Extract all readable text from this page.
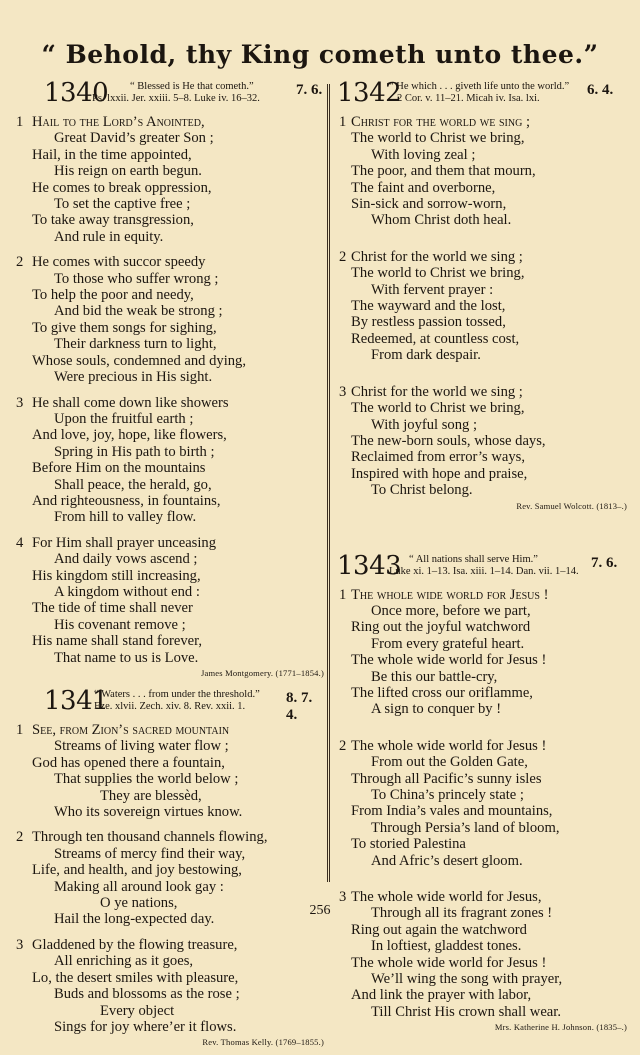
“ Behold, thy King cometh unto thee.”
1340 “ Blessed is He that cometh.”
Ps. lxxii. Jer. xxiii. 5–8. Luke iv. 16–32.
7. 6.
1 Hail to the Lord’s Anointed,
Great David’s greater Son ;
Hail, in the time appointed,
His reign on earth begun.
He comes to break oppression,
To set the captive free ;
To take away transgression,
And rule in equity.
2 He comes with succor speedy
To those who suffer wrong ;
To help the poor and needy,
And bid the weak be strong ;
To give them songs for sighing,
Their darkness turn to light,
Whose souls, condemned and dying,
Were precious in His sight.
3 He shall come down like showers
Upon the fruitful earth ;
And love, joy, hope, like flowers,
Spring in His path to birth ;
Before Him on the mountains
Shall peace, the herald, go,
And righteousness, in fountains,
From hill to valley flow.
4 For Him shall prayer unceasing
And daily vows ascend ;
His kingdom still increasing,
A kingdom without end :
The tide of time shall never
His covenant remove ;
His name shall stand forever,
That name to us is Love.
James Montgomery. (1771–1854.)
1341
“ Waters . . . from under the threshold.”
Eze. xlvii. Zech. xiv. 8. Rev. xxii. 1.
8. 7. 4.
1 See, from Zion’s sacred mountain
Streams of living water flow ;
God has opened there a fountain,
That supplies the world below ;
They are blessèd,
Who its sovereign virtues know.
2 Through ten thousand channels flowing,
Streams of mercy find their way,
Life, and health, and joy bestowing,
Making all around look gay :
O ye nations,
Hail the long-expected day.
3 Gladdened by the flowing treasure,
All enriching as it goes,
Lo, the desert smiles with pleasure,
Buds and blossoms as the rose ;
Every object
Sings for joy where’er it flows.
Rev. Thomas Kelly. (1769–1855.)
1342
“ He which . . . giveth life unto the world.”
2 Cor. v. 11–21. Micah iv. Isa. lxi.
6. 4.
1 Christ for the world we sing ;
The world to Christ we bring,
With loving zeal ;
The poor, and them that mourn,
The faint and overborne,
Sin-sick and sorrow-worn,
Whom Christ doth heal.
2 Christ for the world we sing ;
The world to Christ we bring,
With fervent prayer :
The wayward and the lost,
By restless passion tossed,
Redeemed, at countless cost,
From dark despair.
3 Christ for the world we sing ;
The world to Christ we bring,
With joyful song ;
The new-born souls, whose days,
Reclaimed from error’s ways,
Inspired with hope and praise,
To Christ belong.
Rev. Samuel Wolcott. (1813–.)
1343 “ All nations shall serve Him.”
Luke xi. 1–13. Isa. xiii. 1–14. Dan. vii. 1–14.
7. 6.
1 The whole wide world for Jesus !
Once more, before we part,
Ring out the joyful watchword
From every grateful heart.
The whole wide world for Jesus !
Be this our battle-cry,
The lifted cross our oriflamme,
A sign to conquer by !
2 The whole wide world for Jesus !
From out the Golden Gate,
Through all Pacific’s sunny isles
To China’s princely state ;
From India’s vales and mountains,
Through Persia’s land of bloom,
To storied Palestina
And Afric’s desert gloom.
3 The whole wide world for Jesus,
Through all its fragrant zones !
Ring out again the watchword
In loftiest, gladdest tones.
The whole wide world for Jesus !
We’ll wing the song with prayer,
And link the prayer with labor,
Till Christ His crown shall wear.
Mrs. Katherine H. Johnson. (1835–.)
256
